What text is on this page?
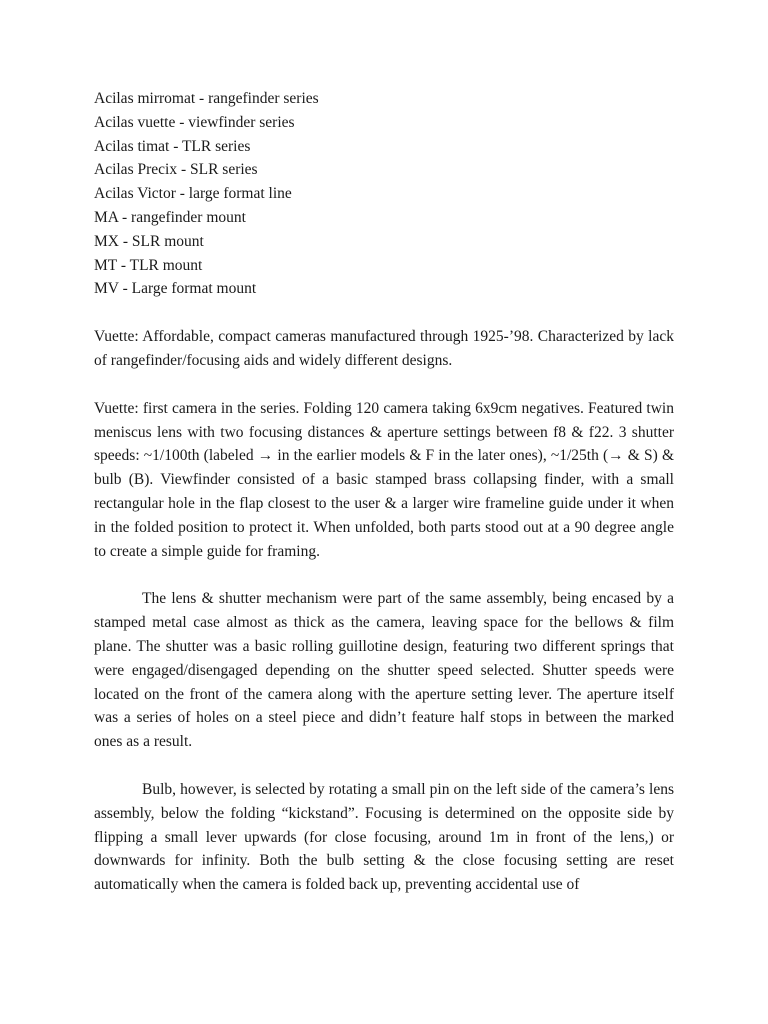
Acilas mirromat - rangefinder series
Acilas vuette - viewfinder series
Acilas timat - TLR series
Acilas Precix - SLR series
Acilas Victor - large format line
MA - rangefinder mount
MX - SLR mount
MT - TLR mount
MV - Large format mount

Vuette: Affordable, compact cameras manufactured through 1925-’98. Characterized by lack of rangefinder/focusing aids and widely different designs.

Vuette: first camera in the series. Folding 120 camera taking 6x9cm negatives. Featured twin meniscus lens with two focusing distances & aperture settings between f8 & f22. 3 shutter speeds: ~1/100th (labeled → in the earlier models & F in the later ones), ~1/25th (→ & S) & bulb (B). Viewfinder consisted of a basic stamped brass collapsing finder, with a small rectangular hole in the flap closest to the user & a larger wire frameline guide under it when in the folded position to protect it. When unfolded, both parts stood out at a 90 degree angle to create a simple guide for framing.

The lens & shutter mechanism were part of the same assembly, being encased by a stamped metal case almost as thick as the camera, leaving space for the bellows & film plane. The shutter was a basic rolling guillotine design, featuring two different springs that were engaged/disengaged depending on the shutter speed selected. Shutter speeds were located on the front of the camera along with the aperture setting lever. The aperture itself was a series of holes on a steel piece and didn’t feature half stops in between the marked ones as a result.

Bulb, however, is selected by rotating a small pin on the left side of the camera’s lens assembly, below the folding “kickstand”. Focusing is determined on the opposite side by flipping a small lever upwards (for close focusing, around 1m in front of the lens,) or downwards for infinity. Both the bulb setting & the close focusing setting are reset automatically when the camera is folded back up, preventing accidental use of
